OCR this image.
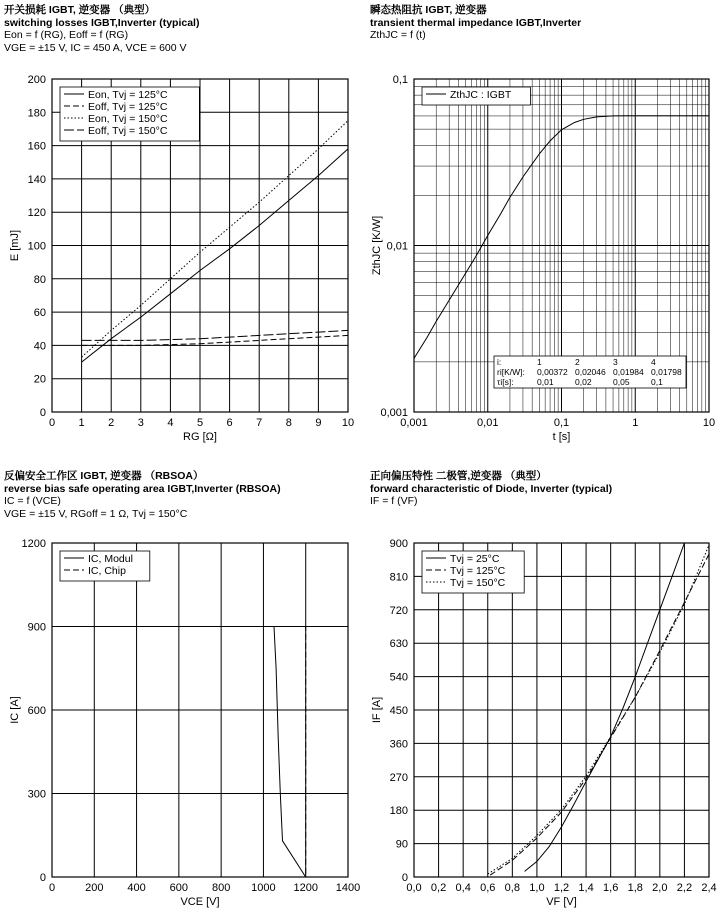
开关损耗 IGBT, 逆变器 （典型）
switching losses IGBT,Inverter (typical)
Eon = f (RG), Eoff = f (RG)
VGE = ±15 V, IC = 450 A, VCE = 600 V
瞬态热阻抗 IGBT, 逆变器
transient thermal impedance IGBT,Inverter
ZthJC = f (t)
反偏安全工作区 IGBT, 逆变器 （RBSOA）
reverse bias safe operating area IGBT,Inverter (RBSOA)
IC = f (VCE)
VGE = ±15 V, RGoff = 1 Ω, Tvj = 150°C
正向偏压特性 二极管,逆变器 （典型）
forward characteristic of Diode, Inverter (typical)
IF = f (VF)
0 1 2 3 4 5 6 7 8 9 10
0
20
40
60
80
100
120
140
160
180
200
RG [Ω]
E [mJ]
Eon, Tvj = 125°C
Eoff, Tvj = 125°C
Eon, Tvj = 150°C
Eoff, Tvj = 150°C
0,001	0,01	0,1	1	10
0,001
0,01
0,1
t [s]
ZthJC [K/W]
ZthJC : IGBT
i:	1	2	3	4
ri[K/W]: 0,00372 0,02046 0,01984 0,01798
τi[s]:	0,01	0,02	0,05	0,1
0	200 400 600 800 1000 1200 1400
0
300
600
900
1200
VCE [V]
IC [A]
IC, Modul
IC, Chip
0,0 0,2 0,4 0,6 0,8 1,0 1,2 1,4 1,6 1,8 2,0 2,2 2,4
0
90
180
270
360
450
540
630
720
810
900
VF [V]
IF [A]
Tvj = 25°C
Tvj = 125°C
Tvj = 150°C
